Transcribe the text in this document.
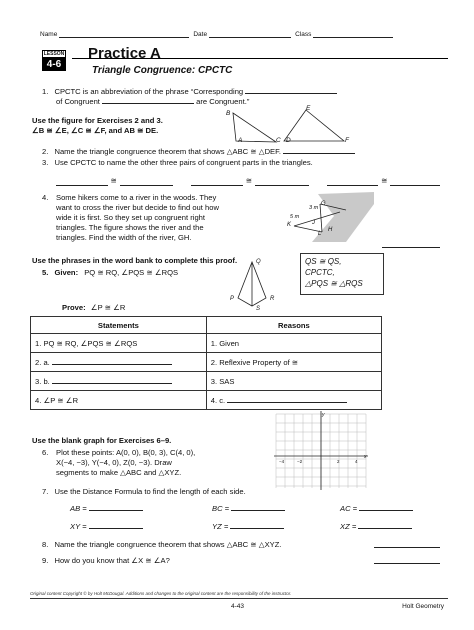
Name	Date	Class
LESSON
4-6
Practice A
Triangle Congruence: CPCTC
1. CPCTC is an abbreviation of the phrase “Corresponding
of Congruent	are Congruent.”
B
A	C
E
D	F
Use the figure for Exercises 2 and 3.
∠B ≅ ∠E, ∠C ≅ ∠F, and AB ≅ DE.
2. Name the triangle congruence theorem that shows △ABC ≅ △DEF.
3. Use CPCTC to name the other three pairs of congruent parts in the triangles.
≅	≅	≅
4. Some hikers come to a river in the woods. They
want to cross the river but decide to find out how
wide it is first. So they set up congruent right
triangles. The figure shows the river and the
triangles. Find the width of the river, GH.
5 m
3 m
K
G
H
L
J
Use the phrases in the word bank to complete this proof.
5. Given: PQ ≅ RQ, ∠PQS ≅ ∠RQS
Q
P	R
S
QS ≅ QS,
CPCTC,
△PQS ≅ △RQS
Prove: ∠P ≅ ∠R
Statements	Reasons
1. PQ ≅ RQ, ∠PQS ≅ ∠RQS	1. Given
2. a.	2. Reflexive Property of ≅
3. b.	3. SAS
4. ∠P ≅ ∠R	4. c.
Use the blank graph for Exercises 6–9.
6. Plot these points: A(0, 0), B(0, 3), C(4, 0),
X(−4, −3), Y(−4, 0), Z(0, −3). Draw
segments to make △ABC and △XYZ.
y
x
−4	−2	2	4
7. Use the Distance Formula to find the length of each side.
AB =	BC =	AC =
XY =	YZ =	XZ =
8. Name the triangle congruence theorem that shows △ABC ≅ △XYZ.
9. How do you know that ∠X ≅ ∠A?
Original content Copyright © by Holt McDougal. Additions and changes to the original content are the responsibility of the instructor.
4-43	Holt Geometry
